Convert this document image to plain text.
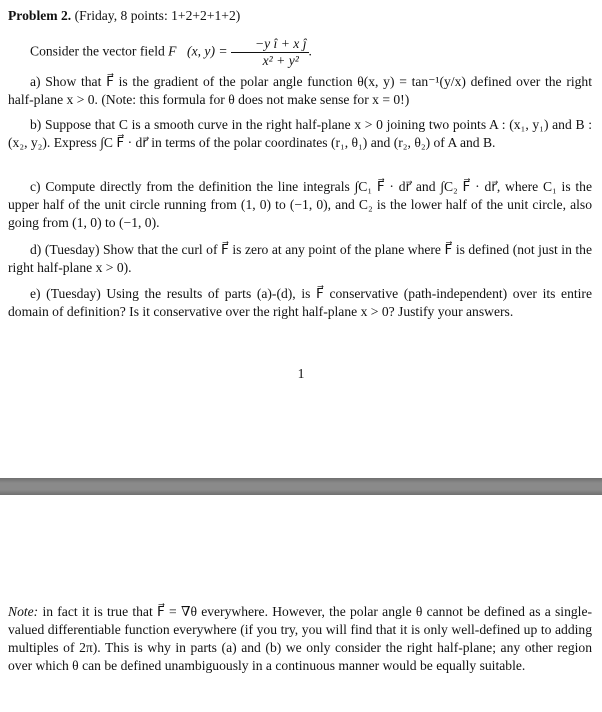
Problem 2. (Friday, 8 points: 1+2+2+1+2)

Consider the vector field F⃗(x, $y) = \frac{\text{−y î + x ĵ}}{\text{x² + y²}}$ .

a) Show that F⃗ is the gradient of the polar angle function θ(x, y) = tan⁻¹(y/x) defined over the right half-plane x > 0. (Note: this formula for θ does not make sense for x = 0!)

b) Suppose that C is a smooth curve in the right half-plane x > 0 joining two points A : (x₁, y₁) and B : (x₂, y₂). Express ∫C F⃗ · dr⃗ in terms of the polar coordinates (r₁, θ₁) and (r₂, θ₂) of A and B.

c) Compute directly from the definition the line integrals ∫C₁ F⃗ · dr⃗ and ∫C₂ F⃗ · dr⃗, where C₁ is the upper half of the unit circle running from (1, 0) to (−1, 0), and C₂ is the lower half of the unit circle, also going from (1, 0) to (−1, 0).

d) (Tuesday) Show that the curl of F⃗ is zero at any point of the plane where F⃗ is defined (not just in the right half-plane x > 0).

e) (Tuesday) Using the results of parts (a)-(d), is F⃗ conservative (path-independent) over its entire domain of definition? Is it conservative over the right half-plane x > 0? Justify your answers.

1

Note: in fact it is true that F⃗ = ∇θ everywhere. However, the polar angle θ cannot be defined as a single-valued differentiable function everywhere (if you try, you will find that it is only well-defined up to adding multiples of 2π). This is why in parts (a) and (b) we only consider the right half-plane; any other region over which θ can be defined unambiguously in a continuous manner would be equally suitable.
